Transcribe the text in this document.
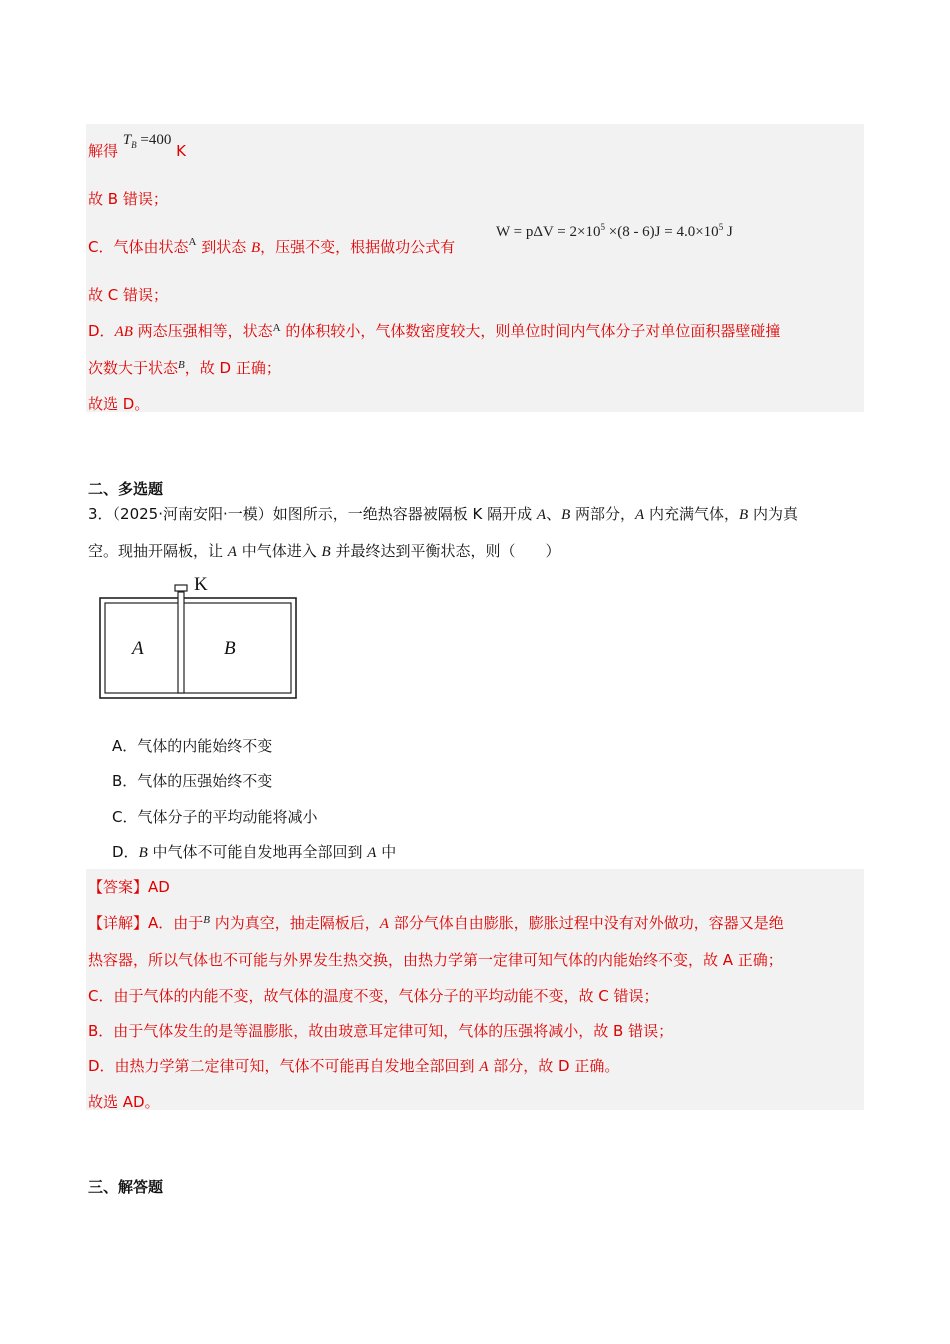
解得 $T_B =400$ K
故 B 错误；
C．气体由状态$^A$ 到状态 B，压强不变，根据做功公式有
$W = p\Delta V = 2\times 10^5 \times(8 - 6)J = 4.0\times 10^5$ J
故 C 错误；
D．AB 两态压强相等，状态$^A$ 的体积较小，气体数密度较大，则单位时间内气体分子对单位面积器壁碰撞
次数大于状态$^B$，故 D 正确；
故选 D。
二、多选题
3．（2025·河南安阳·一模）如图所示，一绝热容器被隔板 K 隔开成 A、B 两部分，A 内充满气体，B 内为真
空。现抽开隔板，让 A 中气体进入 B 并最终达到平衡状态，则（　　）
K
A	B
A．气体的内能始终不变
B．气体的压强始终不变
C．气体分子的平均动能将减小
D．B 中气体不可能自发地再全部回到 A 中
【答案】AD
【详解】A．由于$^B$ 内为真空，抽走隔板后，A 部分气体自由膨胀，膨胀过程中没有对外做功，容器又是绝
热容器，所以气体也不可能与外界发生热交换，由热力学第一定律可知气体的内能始终不变，故 A 正确；
C．由于气体的内能不变，故气体的温度不变，气体分子的平均动能不变，故 C 错误；
B．由于气体发生的是等温膨胀，故由玻意耳定律可知，气体的压强将减小，故 B 错误；
D．由热力学第二定律可知，气体不可能再自发地全部回到 A 部分，故 D 正确。
故选 AD。
三、解答题
